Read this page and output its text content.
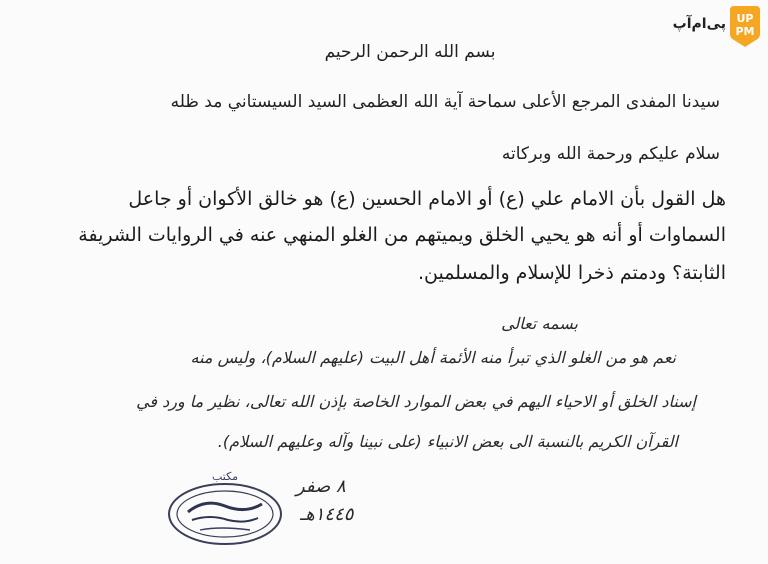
پی‌ام‌آپ UP
PM
بسم الله الرحمن الرحيم
سيدنا المفدى المرجع الأعلى سماحة آية الله العظمى السيد السيستاني مد ظله
سلام عليكم ورحمة الله وبركاته
هل القول بأن الامام علي (ع) أو الامام الحسين (ع) هو خالق الأكوان أو جاعل
السماوات أو أنه هو يحيي الخلق ويميتهم من الغلو المنهي عنه في الروايات الشريفة
الثابتة؟ ودمتم ذخرا للإسلام والمسلمين.
بسمه تعالى
نعم هو من الغلو الذي تبرأ منه الأئمة أهل البيت (عليهم السلام)، وليس منه
إسناد الخلق أو الاحياء اليهم في بعض الموارد الخاصة بإذن الله تعالى، نظير ما ورد في
القرآن الكريم بالنسبة الى بعض الانبياء (على نبينا وآله وعليهم السلام).
٨ صفر
١٤٤٥هـ
مكتب
